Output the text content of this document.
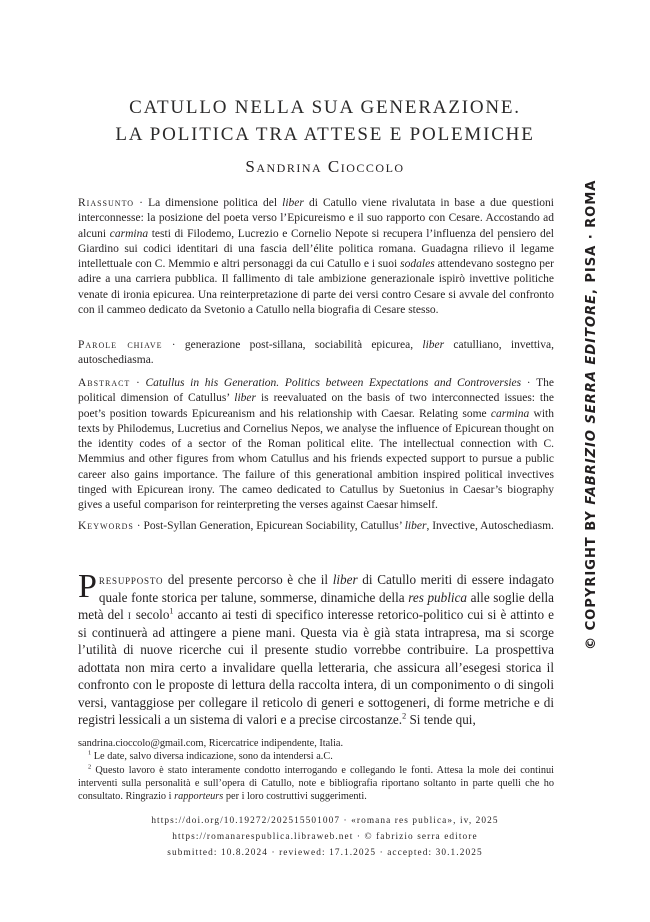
CATULLO NELLA SUA GENERAZIONE.
LA POLITICA TRA ATTESE E POLEMICHE
Sandrina Cioccolo
Riassunto · La dimensione politica del liber di Catullo viene rivalutata in base a due questioni interconnesse: la posizione del poeta verso l’Epicureismo e il suo rapporto con Cesare. Accostando ad alcuni carmina testi di Filodemo, Lucrezio e Cornelio Nepote si recupera l’influenza del pensiero del Giardino sui codici identitari di una fascia dell’élite politica romana. Guadagna rilievo il legame intellettuale con C. Memmio e altri personaggi da cui Catullo e i suoi sodales attendevano sostegno per adire a una carriera pubblica. Il fallimento di tale ambizione generazionale ispirò invettive politiche venate di ironia epicurea. Una reinterpretazione di parte dei versi contro Cesare si avvale del confronto con il cammeo dedicato da Svetonio a Catullo nella biografia di Cesare stesso.
Parole chiave · generazione post-sillana, sociabilità epicurea, liber catulliano, invettiva, autoschediasma.
Abstract · Catullus in his Generation. Politics between Expectations and Controversies · The political dimension of Catullus’ liber is reevaluated on the basis of two interconnected issues: the poet’s position towards Epicureanism and his relationship with Caesar. Relating some carmina with texts by Philodemus, Lucretius and Cornelius Nepos, we analyse the influence of Epicurean thought on the identity codes of a sector of the Roman political elite. The intellectual connection with C. Memmius and other figures from whom Catullus and his friends expected support to pursue a public career also gains importance. The failure of this generational ambition inspired political invectives tinged with Epicurean irony. The cameo dedicated to Catullus by Suetonius in Caesar’s biography gives a useful comparison for reinterpreting the verses against Caesar himself.
Keywords · Post-Syllan Generation, Epicurean Sociability, Catullus’ liber, Invective, Autoschediasm.
Presupposto del presente percorso è che il liber di Catullo meriti di essere indagato quale fonte storica per talune, sommerse, dinamiche della res publica alle soglie della metà del i secolo$^1$ accanto ai testi di specifico interesse retorico-politico cui si è attinto e si continuerà ad attingere a piene mani. Questa via è già stata intrapresa, ma si scorge l’utilità di nuove ricerche cui il presente studio vorrebbe contribuire. La prospettiva adottata non mira certo a invalidare quella letteraria, che assicura all’esegesi storica il confronto con le proposte di lettura della raccolta intera, di un componimento o di singoli versi, vantaggiose per collegare il reticolo di generi e sottogeneri, di forme metriche e di registri lessicali a un sistema di valori e a precise circostanze.$^2$ Si tende qui,

sandrina.cioccolo@gmail.com, Ricercatrice indipendente, Italia.

$^1$ Le date, salvo diversa indicazione, sono da intendersi a.C.

$^2$ Questo lavoro è stato interamente condotto interrogando e collegando le fonti. Attesa la mole dei continui interventi sulla personalità e sull’opera di Catullo, note e bibliografia riportano soltanto in parte quelli che ho consultato. Ringrazio i rapporteurs per i loro costruttivi suggerimenti.

https://doi.org/10.19272/202515501007 · «romana res publica», iv, 2025
https://romanarespublica.libraweb.net · © fabrizio serra editore
submitted: 10.8.2024 · reviewed: 17.1.2025 · accepted: 30.1.2025
© COPYRIGHT BY FABRIZIO SERRA EDITORE, PISA · ROMA
